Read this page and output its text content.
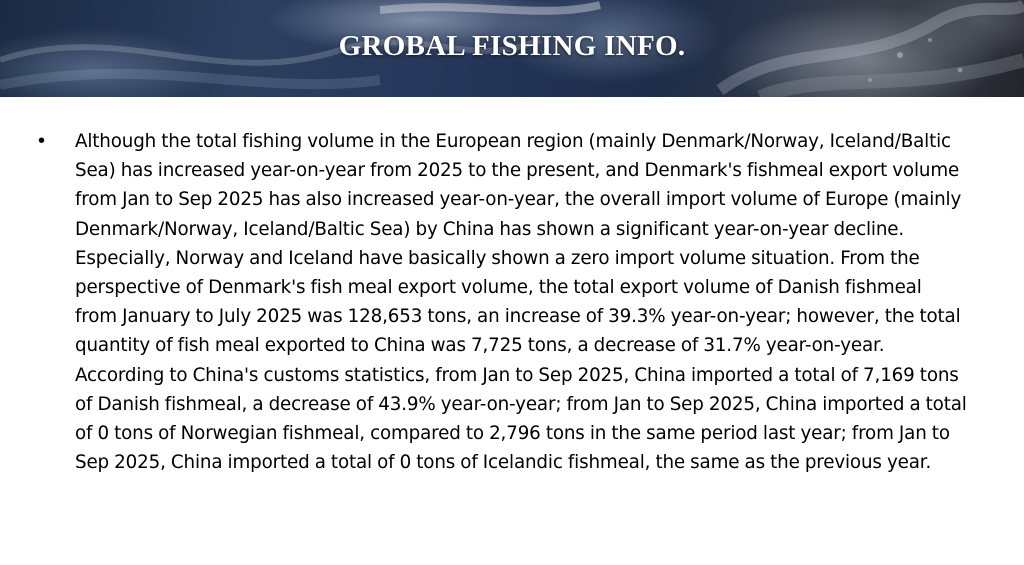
GROBAL FISHING INFO.
•	Although the total fishing volume in the European region (mainly Denmark/Norway, Iceland/Baltic Sea) has increased year-on-year from 2025 to the present, and Denmark's fishmeal export volume from Jan to Sep 2025 has also increased year-on-year, the overall import volume of Europe (mainly Denmark/Norway, Iceland/Baltic Sea) by China has shown a significant year-on-year decline. Especially, Norway and Iceland have basically shown a zero import volume situation. From the perspective of Denmark's fish meal export volume, the total export volume of Danish fishmeal from January to July 2025 was 128,653 tons, an increase of 39.3% year-on-year; however, the total quantity of fish meal exported to China was 7,725 tons, a decrease of 31.7% year-on-year. According to China's customs statistics, from Jan to Sep 2025, China imported a total of 7,169 tons of Danish fishmeal, a decrease of 43.9% year-on-year; from Jan to Sep 2025, China imported a total of 0 tons of Norwegian fishmeal, compared to 2,796 tons in the same period last year; from Jan to Sep 2025, China imported a total of 0 tons of Icelandic fishmeal, the same as the previous year.
